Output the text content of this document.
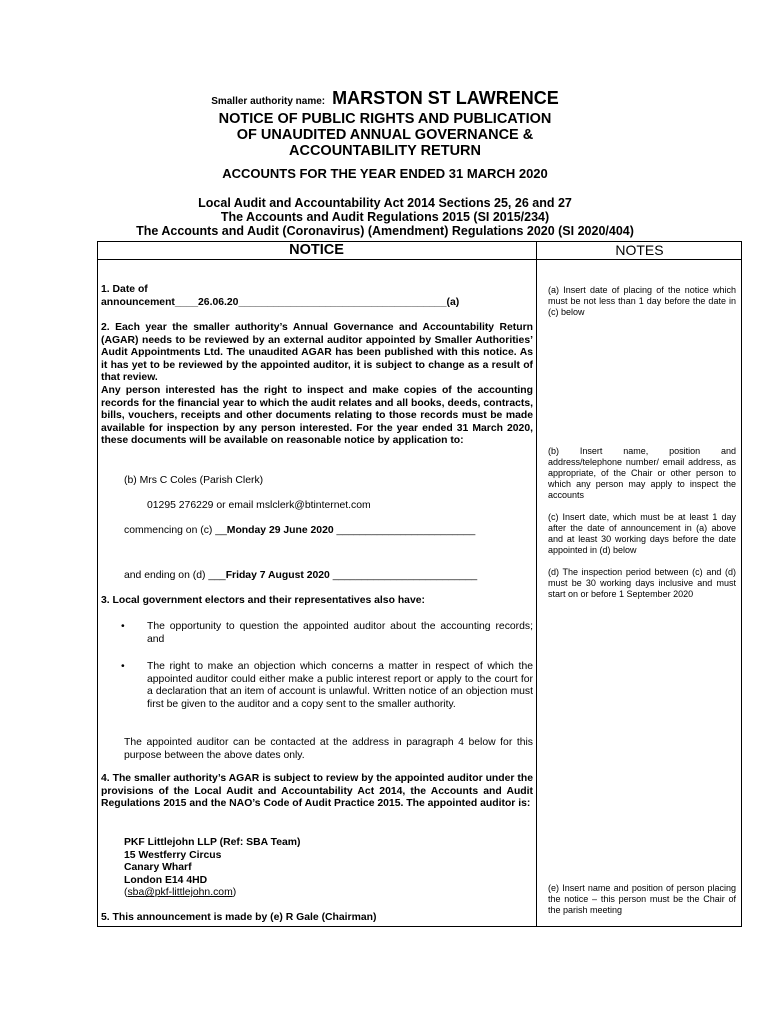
Smaller authority name: MARSTON ST LAWRENCE
NOTICE OF PUBLIC RIGHTS AND PUBLICATION
OF UNAUDITED ANNUAL GOVERNANCE &
ACCOUNTABILITY RETURN
ACCOUNTS FOR THE YEAR ENDED 31 MARCH 2020
Local Audit and Accountability Act 2014 Sections 25, 26 and 27
The Accounts and Audit Regulations 2015 (SI 2015/234)
The Accounts and Audit (Coronavirus) (Amendment) Regulations 2020 (SI 2020/404)
NOTICE	NOTES
1. Date of
announcement____26.06.20____________________________________(a)
2. Each year the smaller authority’s Annual Governance and Accountability Return (AGAR) needs to be reviewed by an external auditor appointed by Smaller Authorities’ Audit Appointments Ltd. The unaudited AGAR has been published with this notice. As it has yet to be reviewed by the appointed auditor, it is subject to change as a result of that review.
Any person interested has the right to inspect and make copies of the accounting records for the financial year to which the audit relates and all books, deeds, contracts, bills, vouchers, receipts and other documents relating to those records must be made available for inspection by any person interested. For the year ended 31 March 2020, these documents will be available on reasonable notice by application to:
(b) Mrs C Coles (Parish Clerk)
01295 276229 or email mslclerk@btinternet.com
commencing on (c) __Monday 29 June 2020 ________________________
and ending on (d) ___Friday 7 August 2020 _________________________
3. Local government electors and their representatives also have:
• The opportunity to question the appointed auditor about the accounting records; and
• The right to make an objection which concerns a matter in respect of which the appointed auditor could either make a public interest report or apply to the court for a declaration that an item of account is unlawful. Written notice of an objection must first be given to the auditor and a copy sent to the smaller authority.
The appointed auditor can be contacted at the address in paragraph 4 below for this purpose between the above dates only.
4. The smaller authority’s AGAR is subject to review by the appointed auditor under the provisions of the Local Audit and Accountability Act 2014, the Accounts and Audit Regulations 2015 and the NAO’s Code of Audit Practice 2015. The appointed auditor is:
PKF Littlejohn LLP (Ref: SBA Team)
15 Westferry Circus
Canary Wharf
London E14 4HD
(sba@pkf-littlejohn.com)
5. This announcement is made by (e) R Gale (Chairman)
(a) Insert date of placing of the notice which must be not less than 1 day before the date in (c) below
(b) Insert name, position and address/telephone number/ email address, as appropriate, of the Chair or other person to which any person may apply to inspect the accounts
(c) Insert date, which must be at least 1 day after the date of announcement in (a) above and at least 30 working days before the date appointed in (d) below
(d) The inspection period between (c) and (d) must be 30 working days inclusive and must start on or before 1 September 2020
(e) Insert name and position of person placing the notice – this person must be the Chair of the parish meeting
